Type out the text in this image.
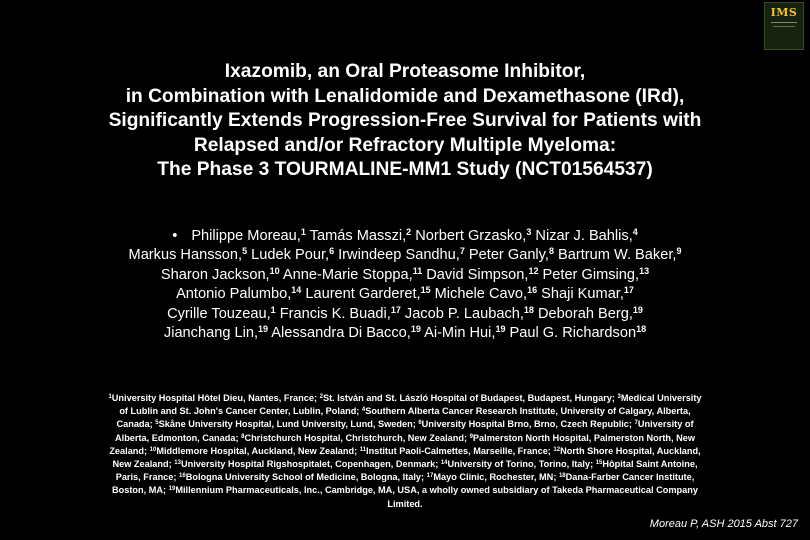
IMS
Ixazomib, an Oral Proteasome Inhibitor,
in Combination with Lenalidomide and Dexamethasone (IRd),
Significantly Extends Progression-Free Survival for Patients with
Relapsed and/or Refractory Multiple Myeloma:
The Phase 3 TOURMALINE-MM1 Study (NCT01564537)
• Philippe Moreau,$^1$ Tamás Masszi,$^2$ Norbert Grzasko,$^3$ Nizar J. Bahlis,$^4$
Markus Hansson,$^5$ Ludek Pour,$^6$ Irwindeep Sandhu,$^7$ Peter Ganly,$^8$ Bartrum W. Baker,$^9$
Sharon Jackson,$^{10}$ Anne-Marie Stoppa,$^{11}$ David Simpson,$^{12}$ Peter Gimsing,$^{13}$
Antonio Palumbo,$^{14}$ Laurent Garderet,$^{15}$ Michele Cavo,$^{16}$ Shaji Kumar,$^{17}$
Cyrille Touzeau,$^1$ Francis K. Buadi,$^{17}$ Jacob P. Laubach,$^{18}$ Deborah Berg,$^{19}$
Jianchang Lin,$^{19}$ Alessandra Di Bacco,$^{19}$ Ai-Min Hui,$^{19}$ Paul G. Richardson$^{18}$
$^1$University Hospital Hôtel Dieu, Nantes, France; $^2$St. István and St. László Hospital of Budapest, Budapest, Hungary; $^3$Medical University
of Lublin and St. John's Cancer Center, Lublin, Poland; $^4$Southern Alberta Cancer Research Institute, University of Calgary, Alberta,
Canada; $^5$Skåne University Hospital, Lund University, Lund, Sweden; $^6$University Hospital Brno, Brno, Czech Republic; $^7$University of
Alberta, Edmonton, Canada; $^8$Christchurch Hospital, Christchurch, New Zealand; $^9$Palmerston North Hospital, Palmerston North, New
Zealand; $^{10}$Middlemore Hospital, Auckland, New Zealand; $^{11}$Institut Paoli-Calmettes, Marseille, France; $^{12}$North Shore Hospital, Auckland,
New Zealand; $^{13}$University Hospital Rigshospitalet, Copenhagen, Denmark; $^{14}$University of Torino, Torino, Italy; $^{15}$Hôpital Saint Antoine,
Paris, France; $^{16}$Bologna University School of Medicine, Bologna, Italy; $^{17}$Mayo Clinic, Rochester, MN; $^{18}$Dana-Farber Cancer Institute,
Boston, MA; $^{19}$Millennium Pharmaceuticals, Inc., Cambridge, MA, USA, a wholly owned subsidiary of Takeda Pharmaceutical Company
Limited.
Moreau P, ASH 2015 Abst 727
